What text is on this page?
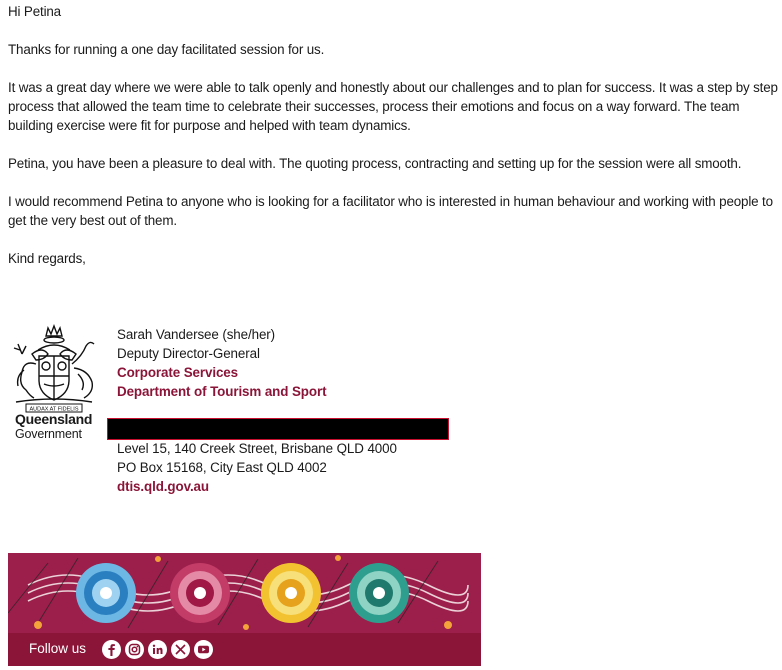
Hi Petina

Thanks for running a one day facilitated session for us.

It was a great day where we were able to talk openly and honestly about our challenges and to plan for success. It was a step by step process that allowed the team time to celebrate their successes, process their emotions and focus on a way forward. The team building exercise were fit for purpose and helped with team dynamics.

Petina, you have been a pleasure to deal with. The quoting process, contracting and setting up for the session were all smooth.

I would recommend Petina to anyone who is looking for a facilitator who is interested in human behaviour and working with people to get the very best out of them.

Kind regards,

AUDAX AT FIDELIS
Queensland
Government
Sarah Vandersee (she/her)
Deputy Director-General
Corporate Services
Department of Tourism and Sport
Level 15, 140 Creek Street, Brisbane QLD 4000
PO Box 15168, City East QLD 4002
dtis.qld.gov.au
Follow us
